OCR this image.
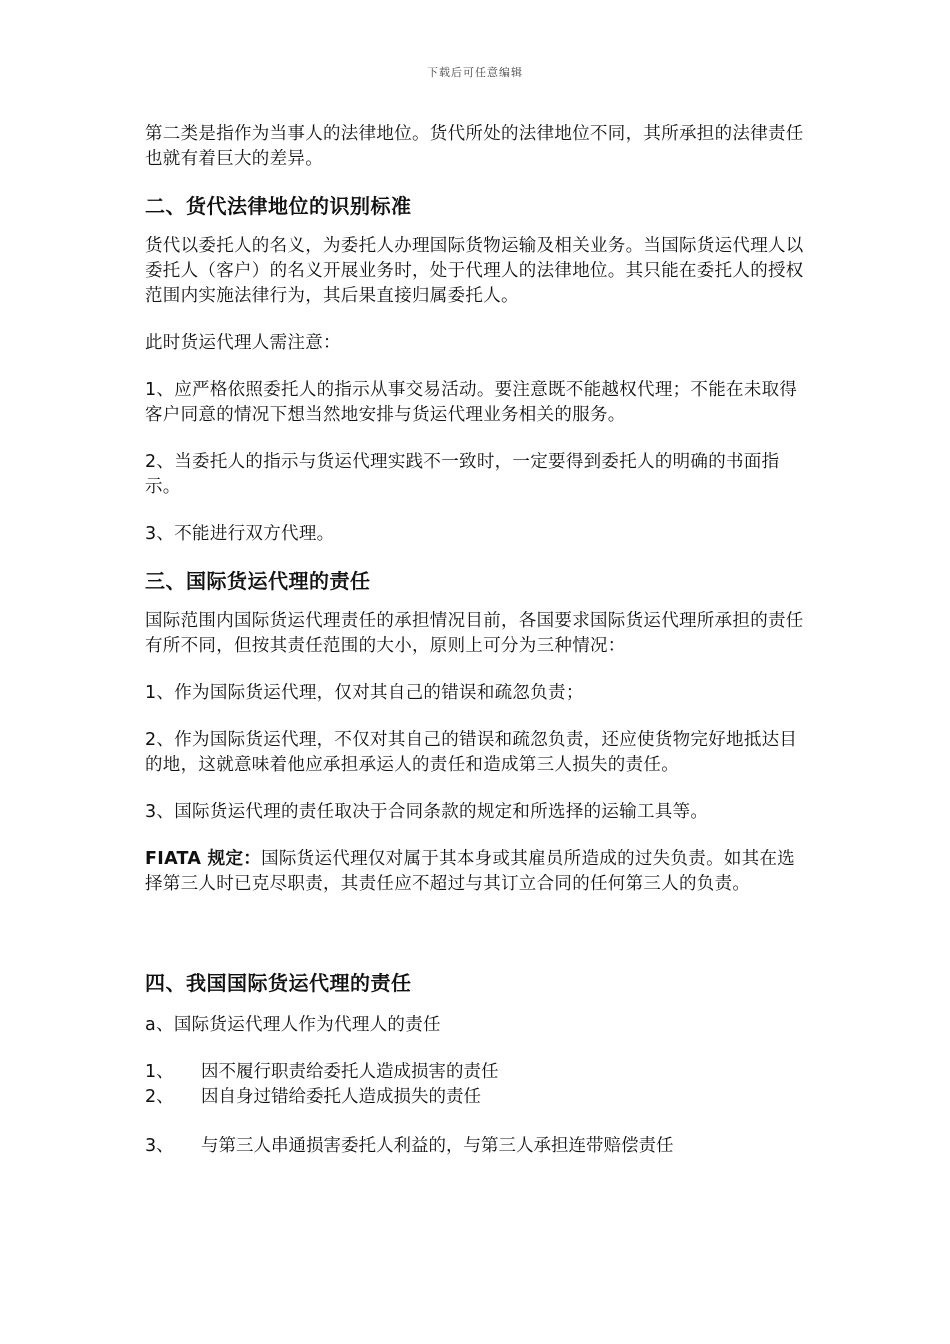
下载后可任意编辑

第二类是指作为当事人的法律地位。货代所处的法律地位不同，其所承担的法律责任也就有着巨大的差异。

二、货代法律地位的识别标准

货代以委托人的名义，为委托人办理国际货物运输及相关业务。当国际货运代理人以委托人（客户）的名义开展业务时，处于代理人的法律地位。其只能在委托人的授权范围内实施法律行为，其后果直接归属委托人。

此时货运代理人需注意：

1、应严格依照委托人的指示从事交易活动。要注意既不能越权代理；不能在未取得客户同意的情况下想当然地安排与货运代理业务相关的服务。

2、当委托人的指示与货运代理实践不一致时，一定要得到委托人的明确的书面指示。

3、不能进行双方代理。

三、国际货运代理的责任

国际范围内国际货运代理责任的承担情况目前，各国要求国际货运代理所承担的责任有所不同，但按其责任范围的大小，原则上可分为三种情况：

1、作为国际货运代理，仅对其自己的错误和疏忽负责；

2、作为国际货运代理，不仅对其自己的错误和疏忽负责，还应使货物完好地抵达目的地，这就意味着他应承担承运人的责任和造成第三人损失的责任。

3、国际货运代理的责任取决于合同条款的规定和所选择的运输工具等。

FIATA 规定：国际货运代理仅对属于其本身或其雇员所造成的过失负责。如其在选择第三人时已克尽职责，其责任应不超过与其订立合同的任何第三人的负责。

四、我国国际货运代理的责任

a、国际货运代理人作为代理人的责任

1、	因不履行职责给委托人造成损害的责任
2、	因自身过错给委托人造成损失的责任
3、	与第三人串通损害委托人利益的，与第三人承担连带赔偿责任
